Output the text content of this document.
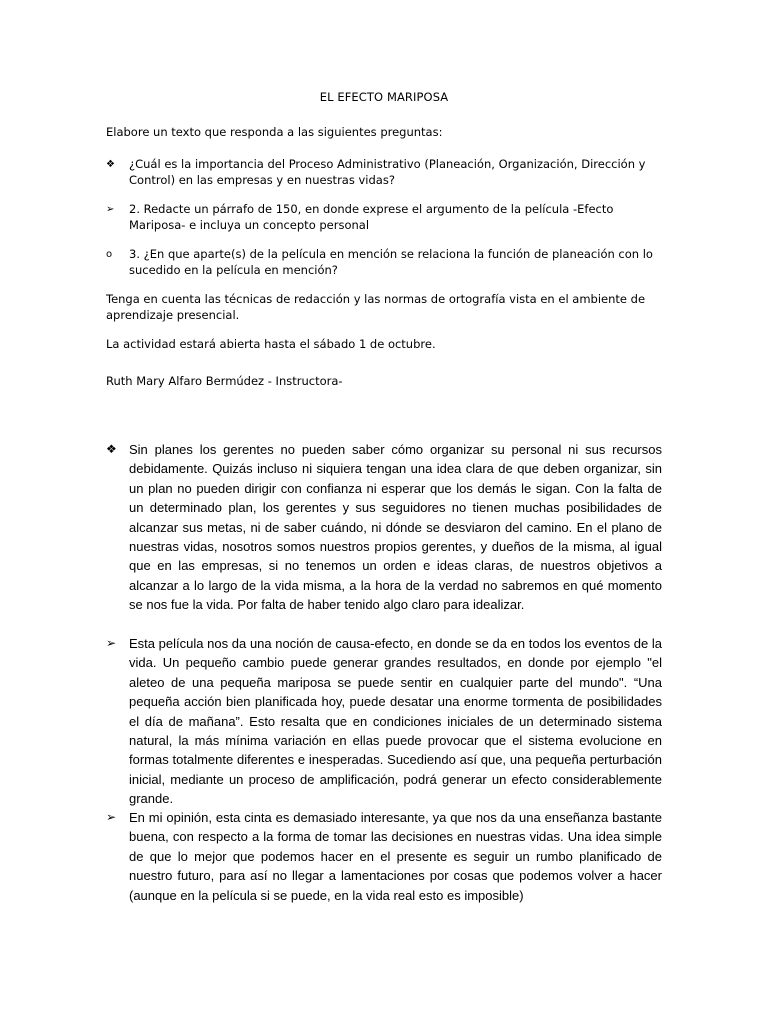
EL EFECTO MARIPOSA

Elabore un texto que responda a las siguientes preguntas:

❖	¿Cuál es la importancia del Proceso Administrativo (Planeación, Organización, Dirección y Control) en las empresas y en nuestras vidas?
➢	2. Redacte un párrafo de 150, en donde exprese el argumento de la película -Efecto Mariposa- e incluya un concepto personal
o	3. ¿En que aparte(s) de la película en mención se relaciona la función de planeación con lo sucedido en la película en mención?

Tenga en cuenta las técnicas de redacción y las normas de ortografía vista en el ambiente de aprendizaje presencial.

La actividad estará abierta hasta el sábado 1 de octubre.

Ruth Mary Alfaro Bermúdez - Instructora-

❖ Sin planes los gerentes no pueden saber cómo organizar su personal ni sus recursos debidamente. Quizás incluso ni siquiera tengan una idea clara de que deben organizar, sin un plan no pueden dirigir con confianza ni esperar que los demás le sigan. Con la falta de un determinado plan, los gerentes y sus seguidores no tienen muchas posibilidades de alcanzar sus metas, ni de saber cuándo, ni dónde se desviaron del camino. En el plano de nuestras vidas, nosotros somos nuestros propios gerentes, y dueños de la misma, al igual que en las empresas, si no tenemos un orden e ideas claras, de nuestros objetivos a alcanzar a lo largo de la vida misma, a la hora de la verdad no sabremos en qué momento se nos fue la vida. Por falta de haber tenido algo claro para idealizar.
➢ Esta película nos da una noción de causa-efecto, en donde se da en todos los eventos de la vida. Un pequeño cambio puede generar grandes resultados, en donde por ejemplo "el aleteo de una pequeña mariposa se puede sentir en cualquier parte del mundo". “Una pequeña acción bien planificada hoy, puede desatar una enorme tormenta de posibilidades el día de mañana”. Esto resalta que en condiciones iniciales de un determinado sistema natural, la más mínima variación en ellas puede provocar que el sistema evolucione en formas totalmente diferentes e inesperadas. Sucediendo así que, una pequeña perturbación inicial, mediante un proceso de amplificación, podrá generar un efecto considerablemente grande.
➢ En mi opinión, esta cinta es demasiado interesante, ya que nos da una enseñanza bastante buena, con respecto a la forma de tomar las decisiones en nuestras vidas. Una idea simple de que lo mejor que podemos hacer en el presente es seguir un rumbo planificado de nuestro futuro, para así no llegar a lamentaciones por cosas que podemos volver a hacer (aunque en la película si se puede, en la vida real esto es imposible)
